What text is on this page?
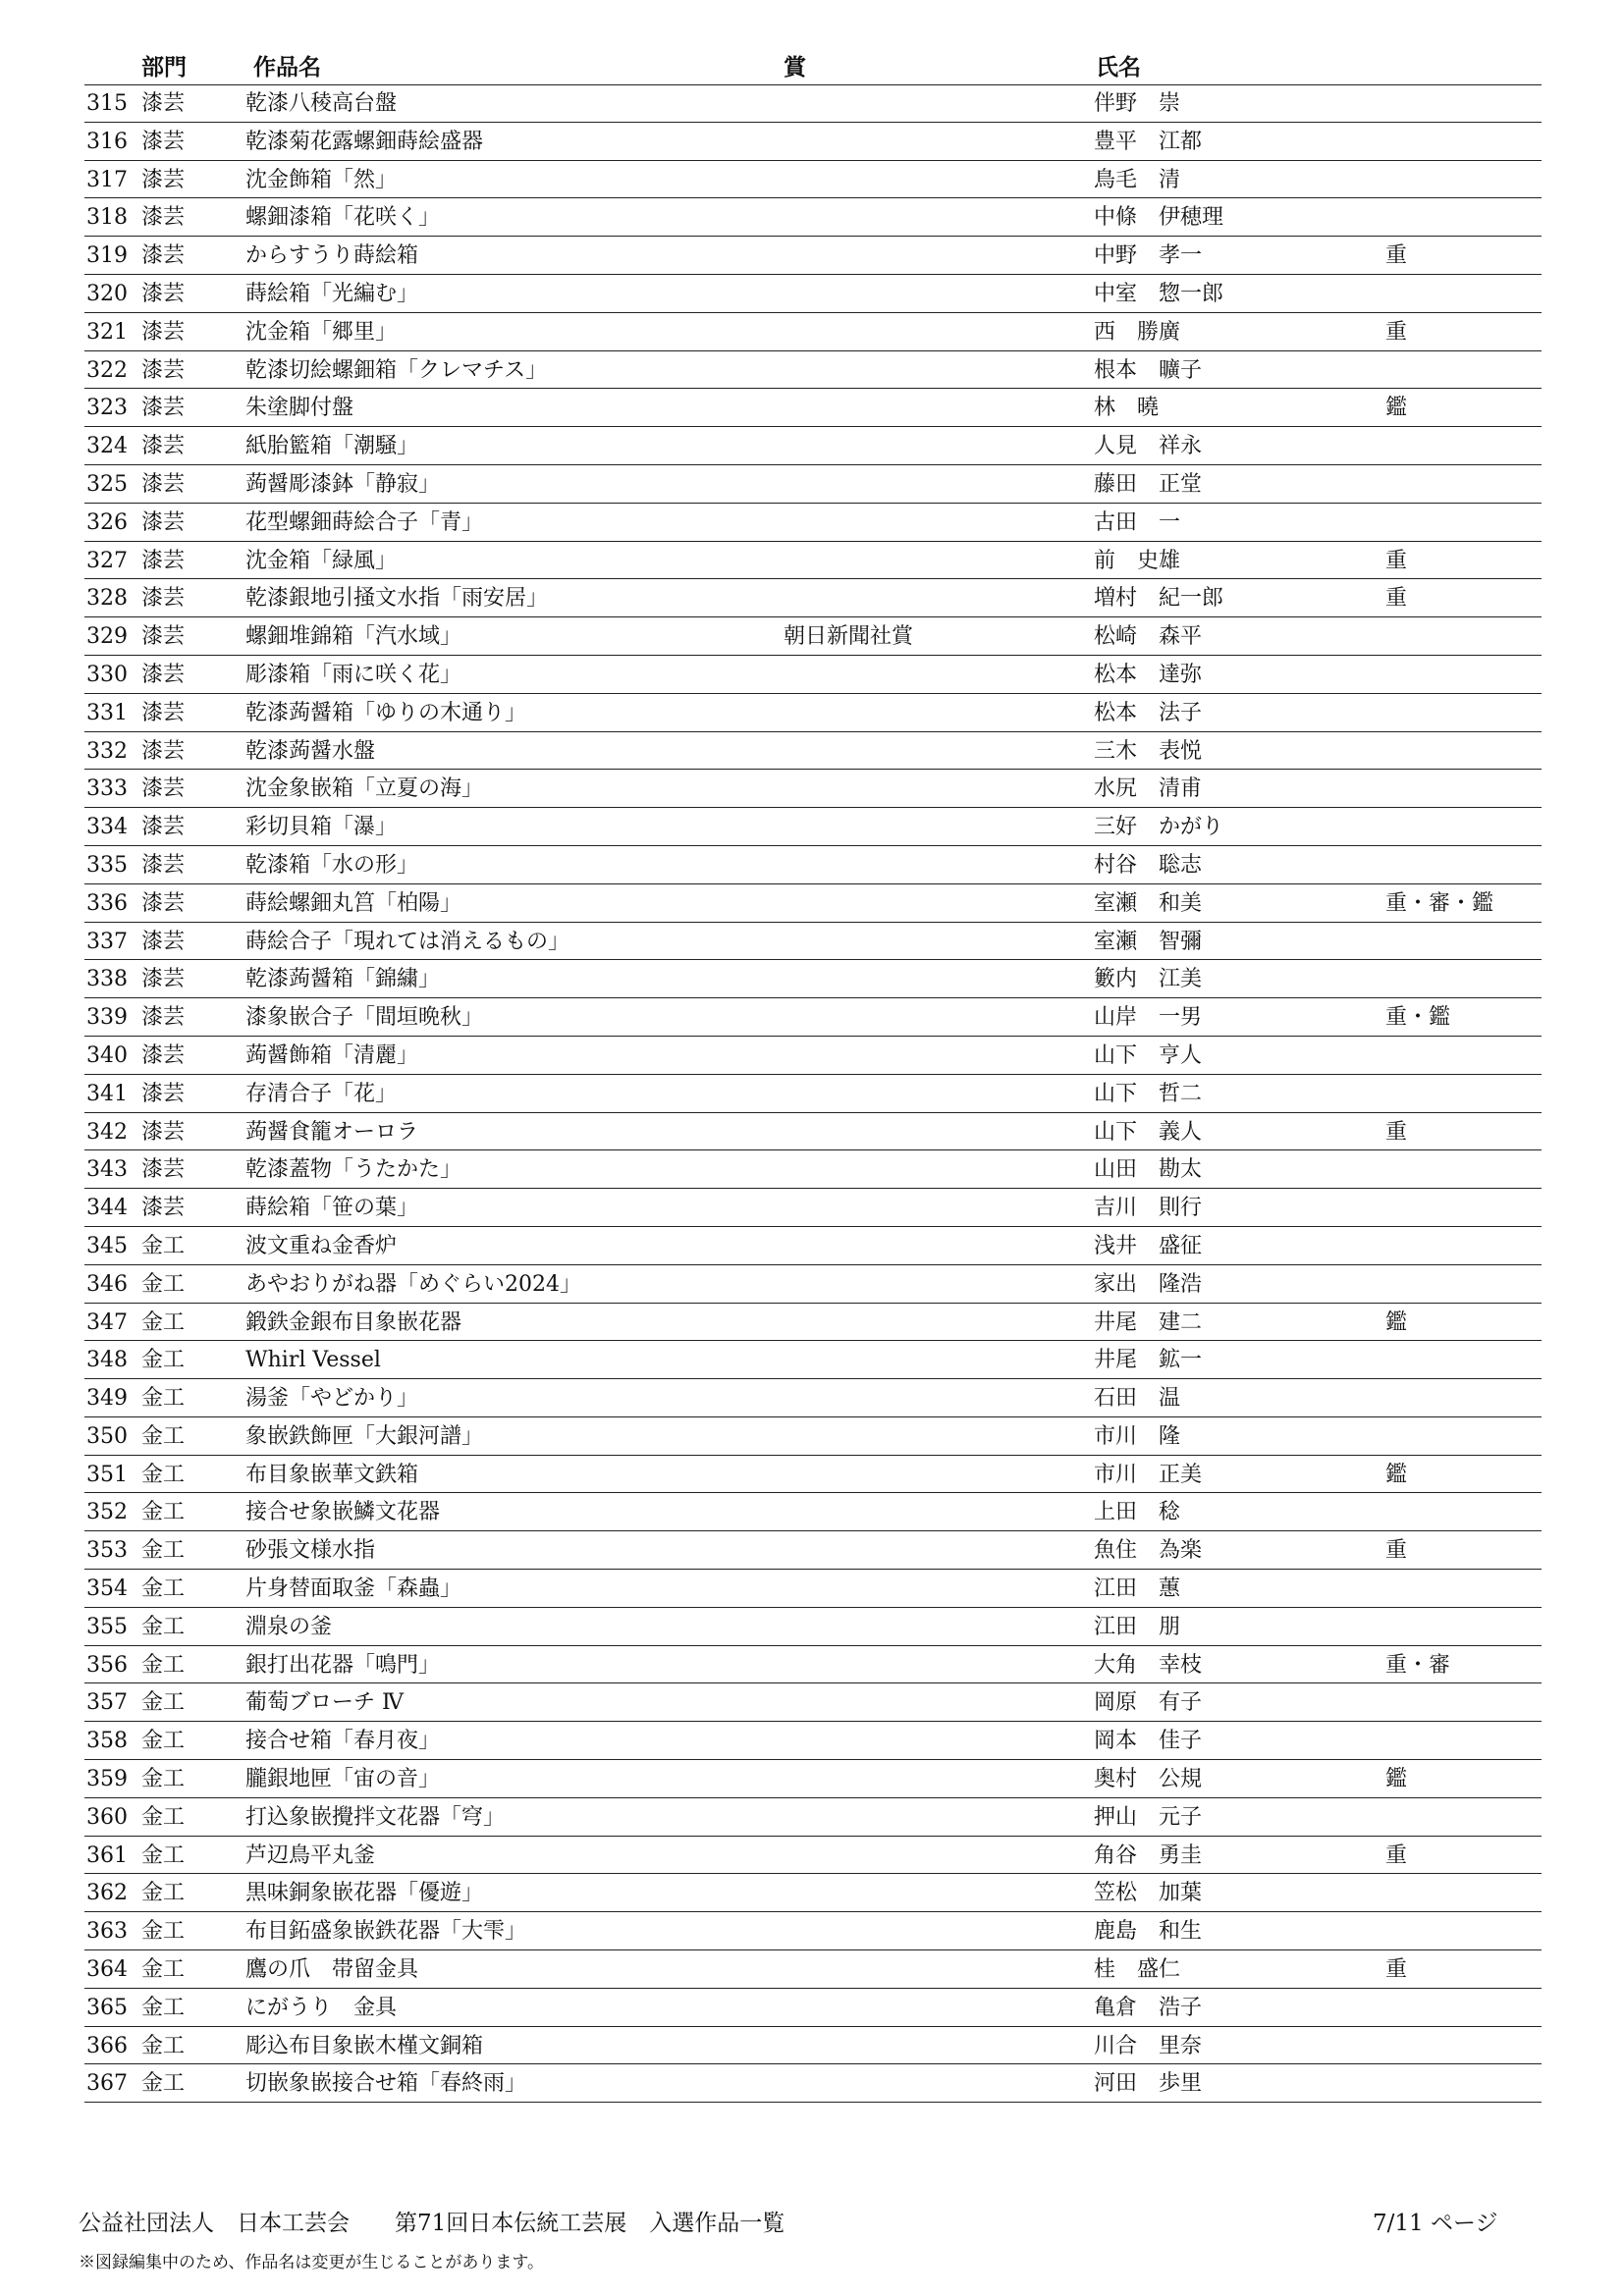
部門	作品名	賞	氏名
315 漆芸	乾漆八稜高台盤	伴野　崇
316 漆芸	乾漆菊花露螺鈿蒔絵盛器	豊平　江都
317 漆芸	沈金飾箱「然」	鳥毛　清
318 漆芸	螺鈿漆箱「花咲く」	中條　伊穂理
319 漆芸	からすうり蒔絵箱	中野　孝一	重
320 漆芸	蒔絵箱「光編む」	中室　惣一郎
321 漆芸	沈金箱「郷里」	西　勝廣	重
322 漆芸	乾漆切絵螺鈿箱「クレマチス」	根本　曠子
323 漆芸	朱塗脚付盤	林　曉	鑑
324 漆芸	紙胎籃箱「潮騒」	人見　祥永
325 漆芸	蒟醤彫漆鉢「静寂」	藤田　正堂
326 漆芸	花型螺鈿蒔絵合子「青」	古田　一
327 漆芸	沈金箱「緑風」	前　史雄	重
328 漆芸	乾漆銀地引掻文水指「雨安居」	増村　紀一郎	重
329 漆芸	螺鈿堆錦箱「汽水域」	朝日新聞社賞	松崎　森平
330 漆芸	彫漆箱「雨に咲く花」	松本　達弥
331 漆芸	乾漆蒟醤箱「ゆりの木通り」	松本　法子
332 漆芸	乾漆蒟醤水盤	三木　表悦
333 漆芸	沈金象嵌箱「立夏の海」	水尻　清甫
334 漆芸	彩切貝箱「瀑」	三好　かがり
335 漆芸	乾漆箱「水の形」	村谷　聡志
336 漆芸	蒔絵螺鈿丸筥「柏陽」	室瀬　和美	重・審・鑑
337 漆芸	蒔絵合子「現れては消えるもの」	室瀬　智彌
338 漆芸	乾漆蒟醤箱「錦繍」	籔内　江美
339 漆芸	漆象嵌合子「間垣晩秋」	山岸　一男	重・鑑
340 漆芸	蒟醤飾箱「清麗」	山下　亨人
341 漆芸	存清合子「花」	山下　哲二
342 漆芸	蒟醤食籠オーロラ	山下　義人	重
343 漆芸	乾漆蓋物「うたかた」	山田　勘太
344 漆芸	蒔絵箱「笹の葉」	吉川　則行
345 金工	波文重ね金香炉	浅井　盛征
346 金工	あやおりがね器「めぐらい2024」	家出　隆浩
347 金工	鍛鉄金銀布目象嵌花器	井尾　建二	鑑
348 金工	Whirl Vessel	井尾　鉱一
349 金工	湯釜「やどかり」	石田　温
350 金工	象嵌鉄飾匣「大銀河譜」	市川　隆
351 金工	布目象嵌華文鉄箱	市川　正美	鑑
352 金工	接合せ象嵌鱗文花器	上田　稔
353 金工	砂張文様水指	魚住　為楽	重
354 金工	片身替面取釜「森蟲」	江田　蕙
355 金工	淵泉の釜	江田　朋
356 金工	銀打出花器「鳴門」	大角　幸枝	重・審
357 金工	葡萄ブローチ Ⅳ	岡原　有子
358 金工	接合せ箱「春月夜」	岡本　佳子
359 金工	朧銀地匣「宙の音」	奥村　公規	鑑
360 金工	打込象嵌攪拌文花器「穹」	押山　元子
361 金工	芦辺鳥平丸釜	角谷　勇圭	重
362 金工	黒味銅象嵌花器「優遊」	笠松　加葉
363 金工	布目鉐盛象嵌鉄花器「大雫」	鹿島　和生
364 金工	鷹の爪　帯留金具	桂　盛仁	重
365 金工	にがうり　金具	亀倉　浩子
366 金工	彫込布目象嵌木槿文銅箱	川合　里奈
367 金工	切嵌象嵌接合せ箱「春終雨」	河田　歩里
公益社団法人　日本工芸会　　第71回日本伝統工芸展　入選作品一覧	7/11 ページ
※図録編集中のため、作品名は変更が生じることがあります。
